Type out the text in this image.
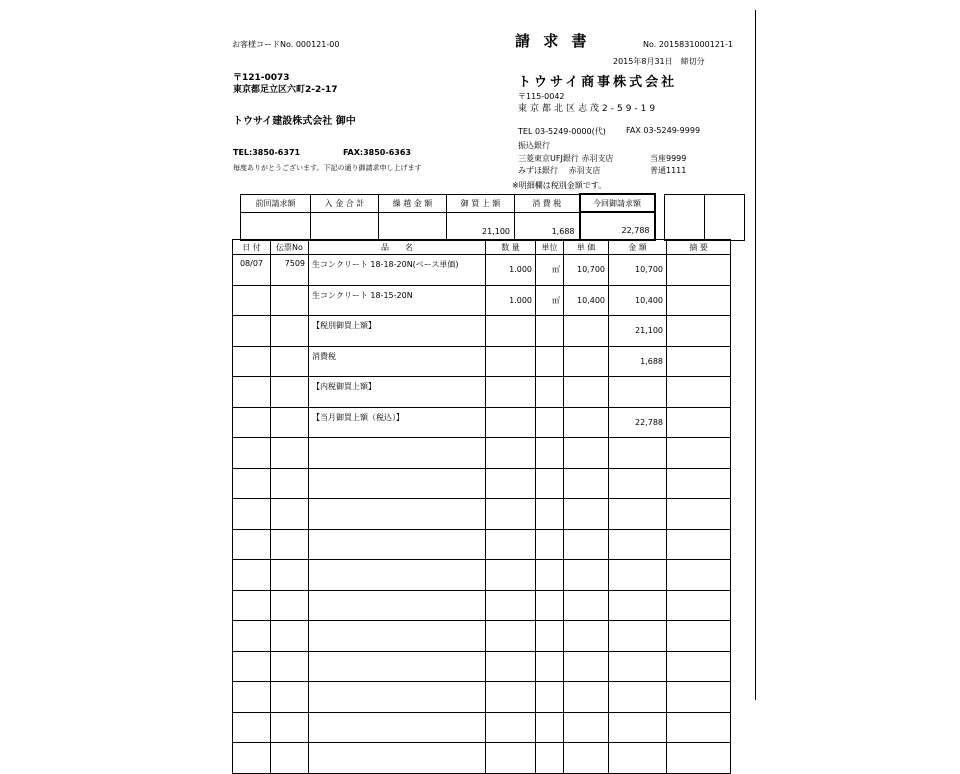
お客様コードNo. 000121-00	請 求 書	No. 2015831000121-1
2015年8月31日　締切分
〒121-0073
東京都足立区六町2-2-17
トウサイ建設株式会社 御中
TEL:3850-6371	FAX:3850-6363
毎度ありがとうございます。下記の通り御請求申し上げます
トウサイ商事株式会社
〒115-0042
東京都北区志茂2-59-19
TEL 03-5249-0000(代)	FAX 03-5249-9999
振込銀行
三菱東京UFJ銀行 赤羽支店	当座9999
みずほ銀行　 赤羽支店	普通1111
※明細欄は税別金額です。
前回請求額	入 金 合 計	繰 越 金 額	御 買 上 額	消 費 税	今回御請求額			
			21,100	1,688	22,788			
日 付	伝票No	品　　名	数 量	単位	単 価	金 額	摘 要
08/07	7509	生コンクリート 18-18-20N(ベース単価)	1.000	㎥	10,700	10,700	
		生コンクリート 18-15-20N	1.000	㎥	10,400	10,400	
		【税別御買上額】				21,100	
		消費税				1,688	
		【内税御買上額】					
		【当月御買上額（税込）】				22,788	
